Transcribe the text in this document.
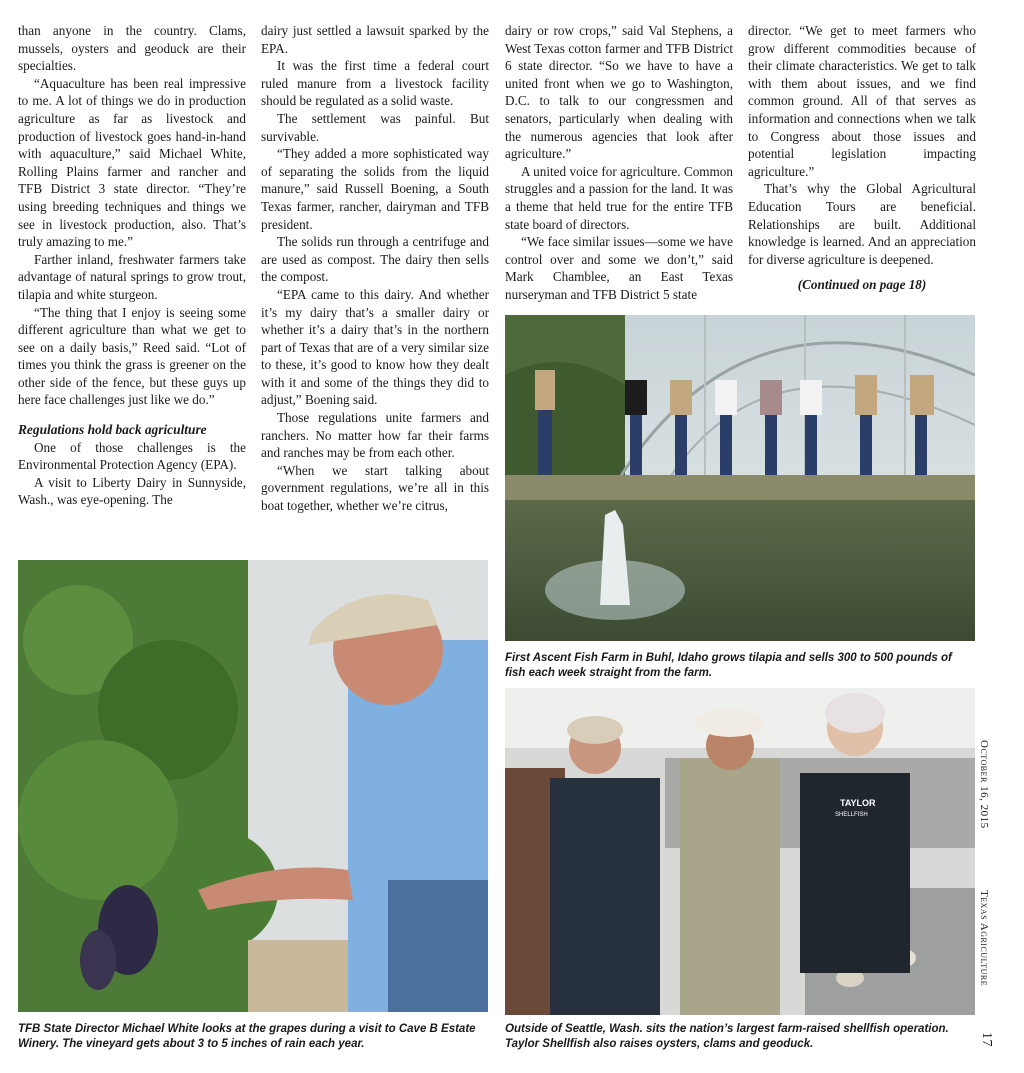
than anyone in the country. Clams, mussels, oysters and geoduck are their specialties.

“Aquaculture has been real impressive to me. A lot of things we do in production agriculture as far as livestock and production of livestock goes hand-in-hand with aquaculture,” said Michael White, Rolling Plains farmer and rancher and TFB District 3 state director. “They’re using breeding techniques and things we see in livestock production, also. That’s truly amazing to me.”

Farther inland, freshwater farmers take advantage of natural springs to grow trout, tilapia and white sturgeon.

“The thing that I enjoy is seeing some different agriculture than what we get to see on a daily basis,” Reed said. “Lot of times you think the grass is greener on the other side of the fence, but these guys up here face challenges just like we do.”

Regulations hold back agriculture

One of those challenges is the Environmental Protection Agency (EPA).

A visit to Liberty Dairy in Sunnyside, Wash., was eye-opening. The

dairy just settled a lawsuit sparked by the EPA.

It was the first time a federal court ruled manure from a livestock facility should be regulated as a solid waste.

The settlement was painful. But survivable.

“They added a more sophisticated way of separating the solids from the liquid manure,” said Russell Boening, a South Texas farmer, rancher, dairyman and TFB president.

The solids run through a centrifuge and are used as compost. The dairy then sells the compost.

“EPA came to this dairy. And whether it’s my dairy that’s a smaller dairy or whether it’s a dairy that’s in the northern part of Texas that are of a very similar size to these, it’s good to know how they dealt with it and some of the things they did to adjust,” Boening said.

Those regulations unite farmers and ranchers. No matter how far their farms and ranches may be from each other.

“When we start talking about government regulations, we’re all in this boat together, whether we’re citrus,

dairy or row crops,” said Val Stephens, a West Texas cotton farmer and TFB District 6 state director. “So we have to have a united front when we go to Washington, D.C. to talk to our congressmen and senators, particularly when dealing with the numerous agencies that look after agriculture.”

A united voice for agriculture. Common struggles and a passion for the land. It was a theme that held true for the entire TFB state board of directors.

“We face similar issues—some we have control over and some we don’t,” said Mark Chamblee, an East Texas nurseryman and TFB District 5 state

director. “We get to meet farmers who grow different commodities because of their climate characteristics. We get to talk with them about issues, and we find common ground. All of that serves as information and connections when we talk to Congress about those issues and potential legislation impacting agriculture.”

That’s why the Global Agricultural Education Tours are beneficial. Relationships are built. Additional knowledge is learned. And an appreciation for diverse agriculture is deepened.

(Continued on page 18)

First Ascent Fish Farm in Buhl, Idaho grows tilapia and sells 300 to 500 pounds of fish each week straight from the farm.
TFB State Director Michael White looks at the grapes during a visit to Cave B Estate Winery. The vineyard gets about 3 to 5 inches of rain each year.
TAYLOR
SHELLFISH
Outside of Seattle, Wash. sits the nation’s largest farm-raised shellfish operation. Taylor Shellfish also raises oysters, clams and geoduck.
October 16, 2015
Texas Agriculture
17
